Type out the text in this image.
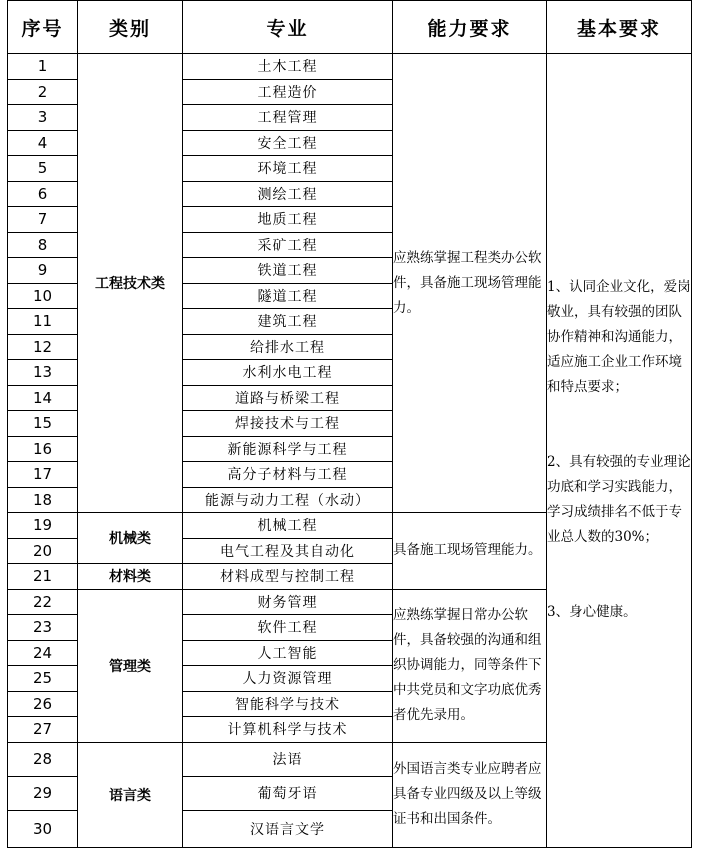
序号	类别	专业	能力要求	基本要求
1	工程技术类	土木工程	应熟练掌握工程类办公软件，具备施工现场管理能力。	1、认同企业文化，爱岗敬业，具有较强的团队协作精神和沟通能力，适应施工企业工作环境和特点要求；
2、具有较强的专业理论功底和学习实践能力，学习成绩排名不低于专业总人数的30%；
3、身心健康。

2		工程造价		
3		工程管理		
4		安全工程		
5		环境工程		
6		测绘工程		
7		地质工程		
8		采矿工程		
9		铁道工程		
10		隧道工程		
11		建筑工程		
12		给排水工程		
13		水利水电工程		
14		道路与桥梁工程		
15		焊接技术与工程		
16		新能源科学与工程		
17		高分子材料与工程		
18		能源与动力工程（水动）		
19	机械类	机械工程	具备施工现场管理能力。	
20		电气工程及其自动化		
21	材料类	材料成型与控制工程		
22	管理类	财务管理	应熟练掌握日常办公软件，具备较强的沟通和组织协调能力，同等条件下中共党员和文字功底优秀者优先录用。	
23		软件工程		
24		人工智能		
25		人力资源管理		
26		智能科学与技术		
27		计算机科学与技术		
28	语言类	法语	外国语言类专业应聘者应具备专业四级及以上等级证书和出国条件。	
29		葡萄牙语		
30		汉语言文学		
